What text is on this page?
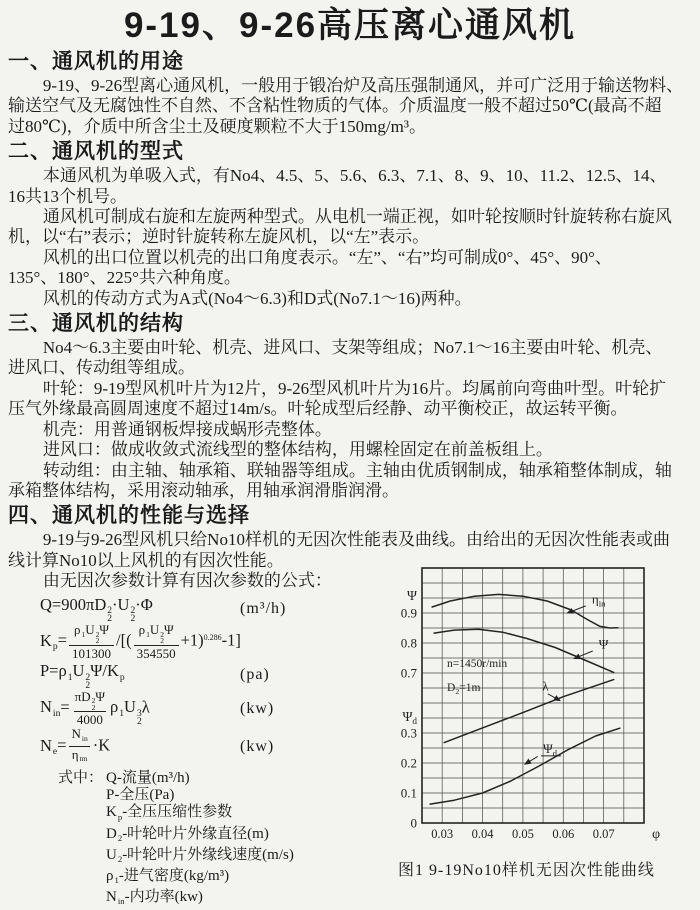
9-19、9-26高压离心通风机
一、通风机的用途
9-19、9-26型离心通风机，一般用于锻冶炉及高压强制通风，并可广泛用于输送物料、
输送空气及无腐蚀性不自然、不含粘性物质的气体。介质温度一般不超过50℃(最高不超
过80℃)，介质中所含尘土及硬度颗粒不大于150mg/m³。
二、通风机的型式
本通风机为单吸入式，有No4、4.5、5、5.6、6.3、7.1、8、9、10、11.2、12.5、14、
16共13个机号。
通风机可制成右旋和左旋两种型式。从电机一端正视，如叶轮按顺时针旋转称右旋风
机，以“右”表示；逆时针旋转称左旋风机，以“左”表示。
风机的出口位置以机壳的出口角度表示。“左”、“右”均可制成0°、45°、90°、
135°、180°、225°共六种角度。
风机的传动方式为A式(No4～6.3)和D式(No7.1～16)两种。
三、通风机的结构
No4～6.3主要由叶轮、机壳、进风口、支架等组成；No7.1～16主要由叶轮、机壳、
进风口、传动组等组成。
叶轮：9-19型风机叶片为12片，9-26型风机叶片为16片。均属前向弯曲叶型。叶轮扩
压气外缘最高圆周速度不超过14m/s。叶轮成型后经静、动平衡校正，故运转平衡。
机壳：用普通钢板焊接成蜗形壳整体。
进风口：做成收敛式流线型的整体结构，用螺栓固定在前盖板组上。
转动组：由主轴、轴承箱、联轴器等组成。主轴由优质钢制成，轴承箱整体制成，轴
承箱整体结构，采用滚动轴承，用轴承润滑脂润滑。
四、通风机的性能与选择
9-19与9-26型风机只给No10样机的无因次性能表及曲线。由给出的无因次性能表或曲
线计算No10以上风机的有因次性能。
由无因次参数计算有因次参数的公式：
Q=900πD 2
2
·U 2
2
·Φ	(m³/h)
$K_p= \rho_1U$ 2
2
Ψ
101300 /[( $\rho_1U$ 2
2
Ψ
354550 +1)$^{0.286}$-1]
$P=\rho_1U$ 2
2
$\Psi/K_p$	(pa)
$N_{in}= \pi D$ 2
2
Ψ
4000 $\rho_1U$ 3
2
λ	(kw)
$N_e= \frac{N_{in}}{\eta_{tm}} \cdot K$	(kw)
式中： Q-流量(m³/h)
P-全压(Pa)
$K_p-$全压压缩性参数
$D_2-$叶轮叶片外缘直径(m)
$U_2-$叶轮叶片外缘线速度(m/s)
$\rho_1-$进气密度(kg/m³)
$N_{in}-$内功率(kw)
Ψ
0.9
0.8
0.7
$\Psi_d$
0.3
0.2
0.1
0
0.03 0.04 0.05 0.06 0.07	φ
n=1450r/min
$D_2=1m$
$\eta_{in}$
Ψ
λ
$\Psi_d$
图1 9-19No10样机无因次性能曲线
